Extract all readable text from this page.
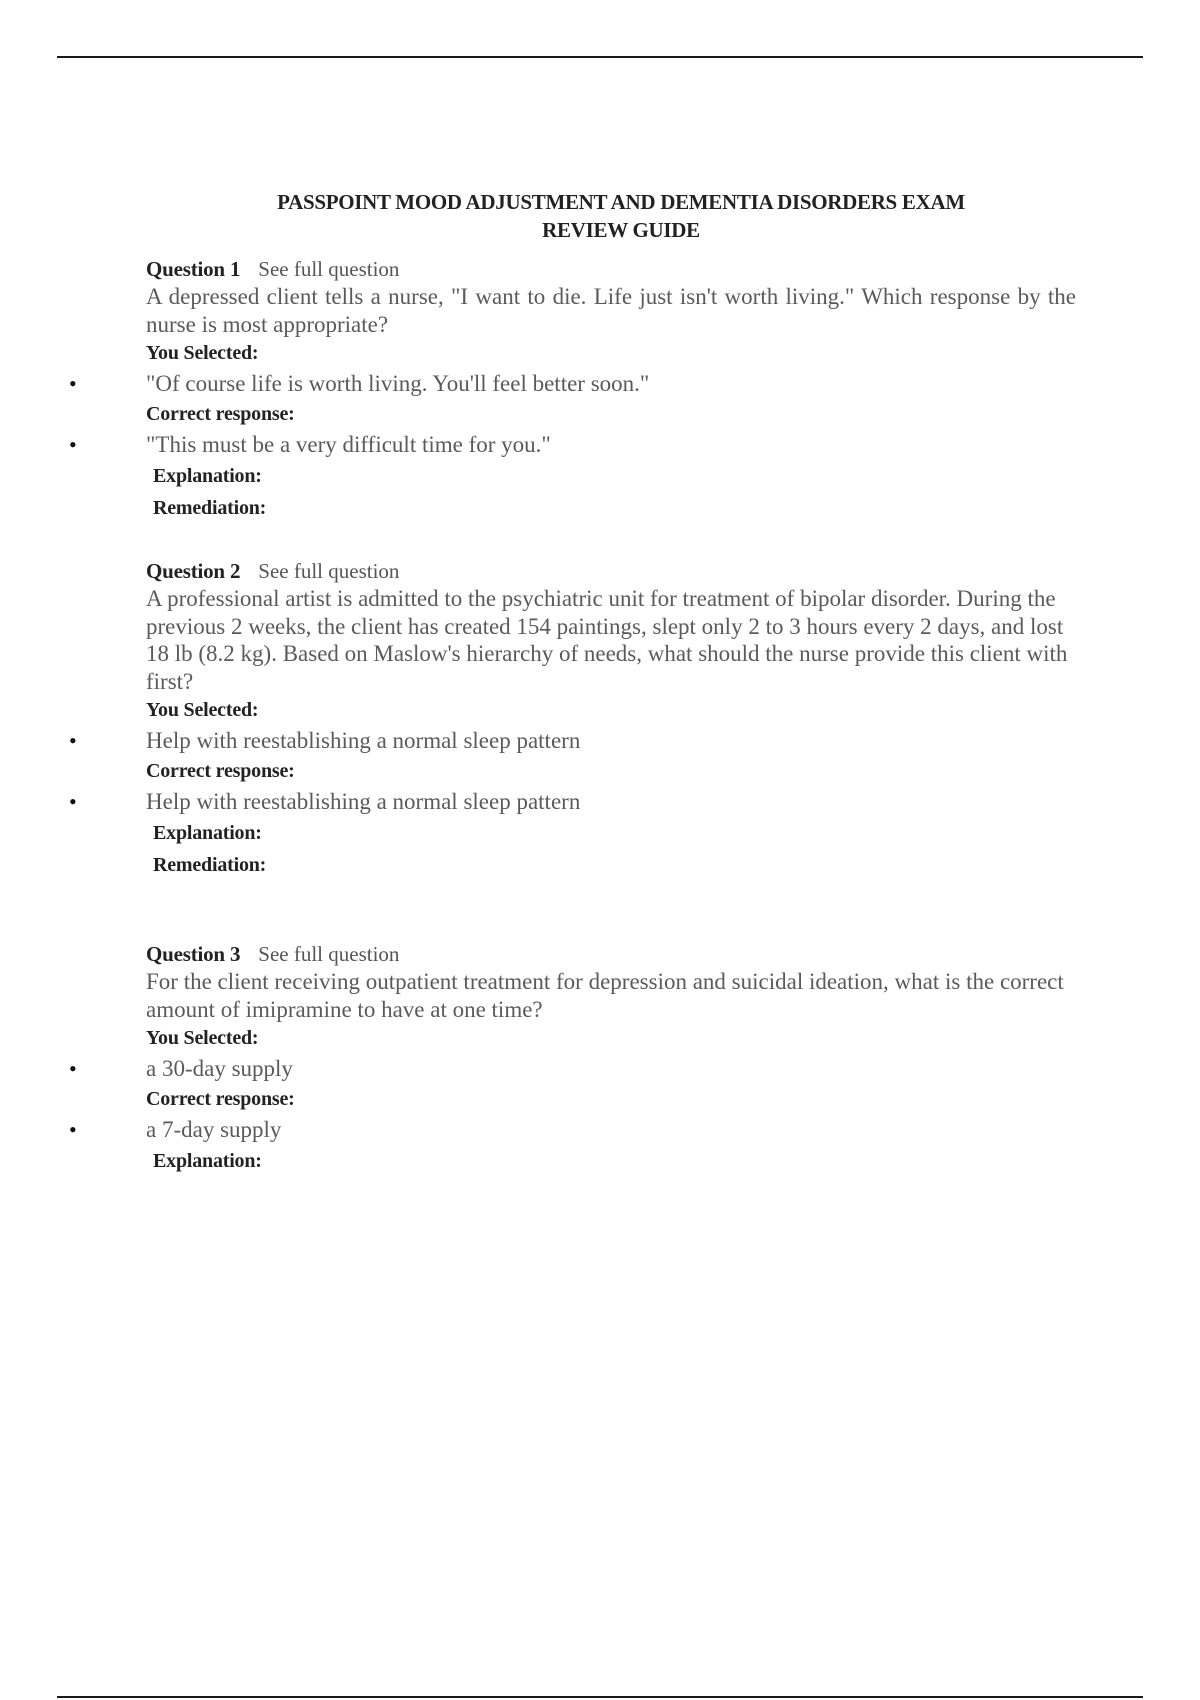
PASSPOINT MOOD ADJUSTMENT AND DEMENTIA DISORDERS EXAM
REVIEW GUIDE
Question 1 See full question
A depressed client tells a nurse, "I want to die. Life just isn't worth living." Which response by the nurse is most appropriate?
You Selected:
•	"Of course life is worth living. You'll feel better soon."
Correct response:
•	"This must be a very difficult time for you."
Explanation:
Remediation:
Question 2 See full question
A professional artist is admitted to the psychiatric unit for treatment of bipolar disorder. During the previous 2 weeks, the client has created 154 paintings, slept only 2 to 3 hours every 2 days, and lost 18 lb (8.2 kg). Based on Maslow's hierarchy of needs, what should the nurse provide this client with first?
You Selected:
•	Help with reestablishing a normal sleep pattern
Correct response:
•	Help with reestablishing a normal sleep pattern
Explanation:
Remediation:
Question 3 See full question
For the client receiving outpatient treatment for depression and suicidal ideation, what is the correct amount of imipramine to have at one time?
You Selected:
•	a 30-day supply
Correct response:
•	a 7-day supply
Explanation:
